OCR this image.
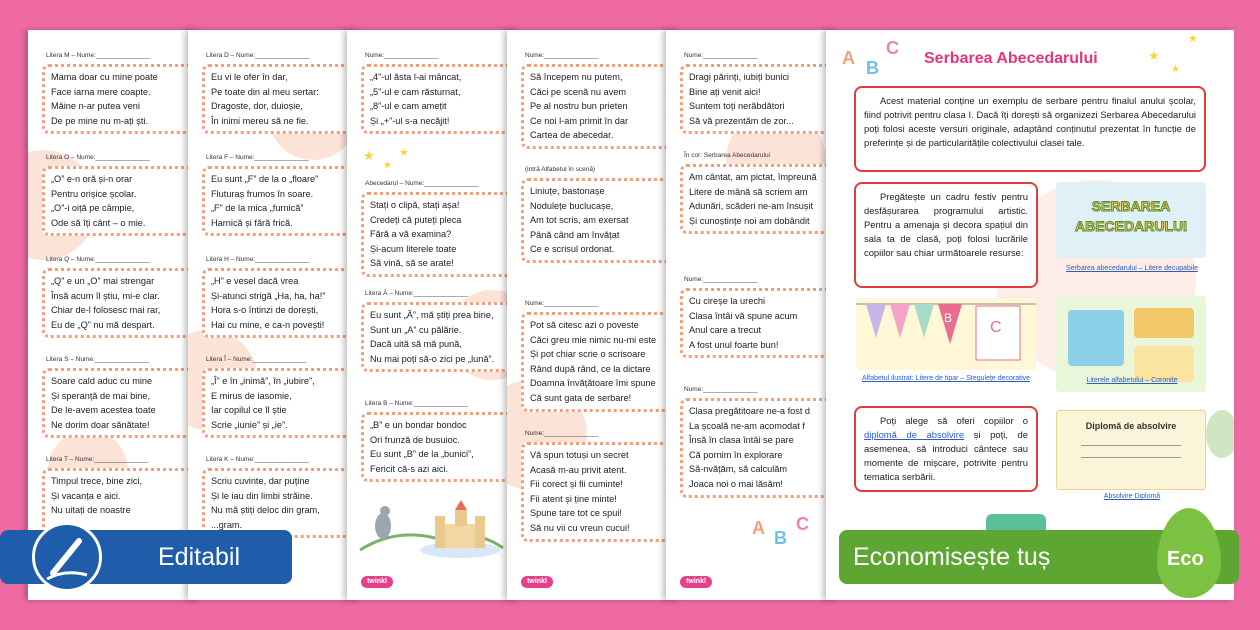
Litera M – Nume:_______________

Mama doar cu mine poate

Face iarna mere coapte.

Mâine n-ar putea veni

De pe mine nu m-ați ști.

Litera O – Nume:_______________

„O” e-n oră și-n orar

Pentru orișice școlar.

„O”-i oiță pe câmpie,

Ode să îți cânt – o mie.

Litera Q – Nume:_______________

„Q” e un „O” mai strengar

Însă acum îl știu, mi-e clar.

Chiar de-l folosesc mai rar,

Eu de „Q” nu mă despart.

Litera S – Nume:_______________

Soare cald aduc cu mine

Și speranță de mai bine,

De le-avem acestea toate

Ne dorim doar sănătate!

Litera T – Nume:_______________

Timpul trece, bine zici,

Și vacanța e aici.

Nu uitați de noastre

Litera D – Nume:_______________

Eu vi le ofer în dar,

Pe toate din al meu sertar:

Dragoste, dor, duioșie,

În inimi mereu să ne fie.

Litera F – Nume:_______________

Eu sunt „F” de la o „floare”

Fluturaș frumos în soare.

„F” de la mica „furnică”

Harnică și fără frică.

Litera H – Nume:_______________

„H” e vesel dacă vrea

Și-atunci strigă „Ha, ha, ha!”

Hora s-o întinzi de dorești,

Hai cu mine, e ca-n povești!

Litera Î – Nume:_______________

„Î” e în „inimă”, în „iubire”,

E mirus de iasomie,

Iar copilul ce îl știe

Scrie „iunie” și „ie”.

Litera K – Nume:_______________

Scriu cuvinte, dar puține

Și le iau din limbi străine.

Nu mă știți deloc din gram,

...gram.

★
★
★
Nume:_______________

„4”-ul ăsta l-ai mâncat,

„5”-ul e cam răsturnat,

„8”-ul e cam amețit

Și „+”-ul s-a necăjit!

Abecedarul – Nume:_______________

Stați o clipă, stați așa!

Credeți că puteți pleca

Fără a vă examina?

Și-acum literele toate

Să vină, să se arate!

Litera Ă – Nume:_______________

Eu sunt „Ă”, mă știți prea bine,

Sunt un „A” cu pălărie.

Dacă uită să mă pună,

Nu mai poți să-o zici pe „lună”.

Litera B – Nume:_______________

„B” e un bondar bondoc

Ori frunză de busuioc.

Eu sunt „B” de la „bunici”,

Fericit că-s azi aici.

twinkl
Nume:_______________

Să începem nu putem,

Căci pe scenă nu avem

Pe al nostru bun prieten

Ce noi l-am primit în dar

Cartea de abecedar.

(intră Alfabetul în scenă)

Liniuțe, bastonașe

Nodulețe buclucașe,

Am tot scris, am exersat

Până când am învățat

Ce e scrisul ordonat.

Nume:_______________

Pot să citesc azi o poveste

Căci greu mie nimic nu-mi este

Și pot chiar scrie o scrisoare

Rând după rând, ce la dictare

Doamna învățătoare îmi spune

Că sunt gata de serbare!

Nume:_______________

Vă spun totuși un secret

Acasă m-au privit atent.

Fii corect și fii cuminte!

Fii atent și ține minte!

Spune tare tot ce spui!

Să nu vii cu vreun cucui!

twinkl
Nume:_______________

Dragi părinți, iubiți bunici

Bine ați venit aici!

Suntem toți nerăbdători

Să vă prezentăm de zor...

În cor: Serbarea Abecedarului

Am cântat, am pictat, împreună

Litere de mână să scriem am

Adunări, scăderi ne-am însușit

Și cunoștințe noi am dobândit

Nume:_______________

Cu cireșe la urechi

Clasa întâi vă spune acum

Anul care a trecut

A fost unul foarte bun!

Nume:_______________

Clasa pregătitoare ne-a fost d

La școală ne-am acomodat f

Însă în clasa întâi se pare

Că pornim în explorare

Să-nvățăm, să calculăm

Joaca noi o mai lăsăm!

A B
C
twinkl
A B
C	★
★
★
Serbarea Abecedarului

Acest material conține un exemplu de serbare pentru finalul anului școlar, fiind potrivit pentru clasa I. Dacă îți dorești să organizezi Serbarea Abecedarului poți folosi aceste versuri originale, adaptând conținutul prezentat în funcție de preferințe și de particularitățile colectivului clasei tale.

Pregătește un cadru festiv pentru desfășurarea programului artistic. Pentru a amenaja și decora spațiul din sala ta de clasă, poți folosi lucrările copiilor sau chiar următoarele resurse:

SERBAREA ABECEDARULUI
Serbarea abecedarului – Litere decupabile
B
C
Alfabetul ilustrat: Litere de tipar – Steguleţe decorative	Literele alfabetului – Coronițe

Poți alege să oferi copiilor o diplomă de absolvire și poți, de asemenea, să introduci cântece sau momente de mișcare, potrivite pentru tematica serbării.

Diplomă de absolvire
Absolvire Diplomă
Editabil	Economisește tuș	Eco
